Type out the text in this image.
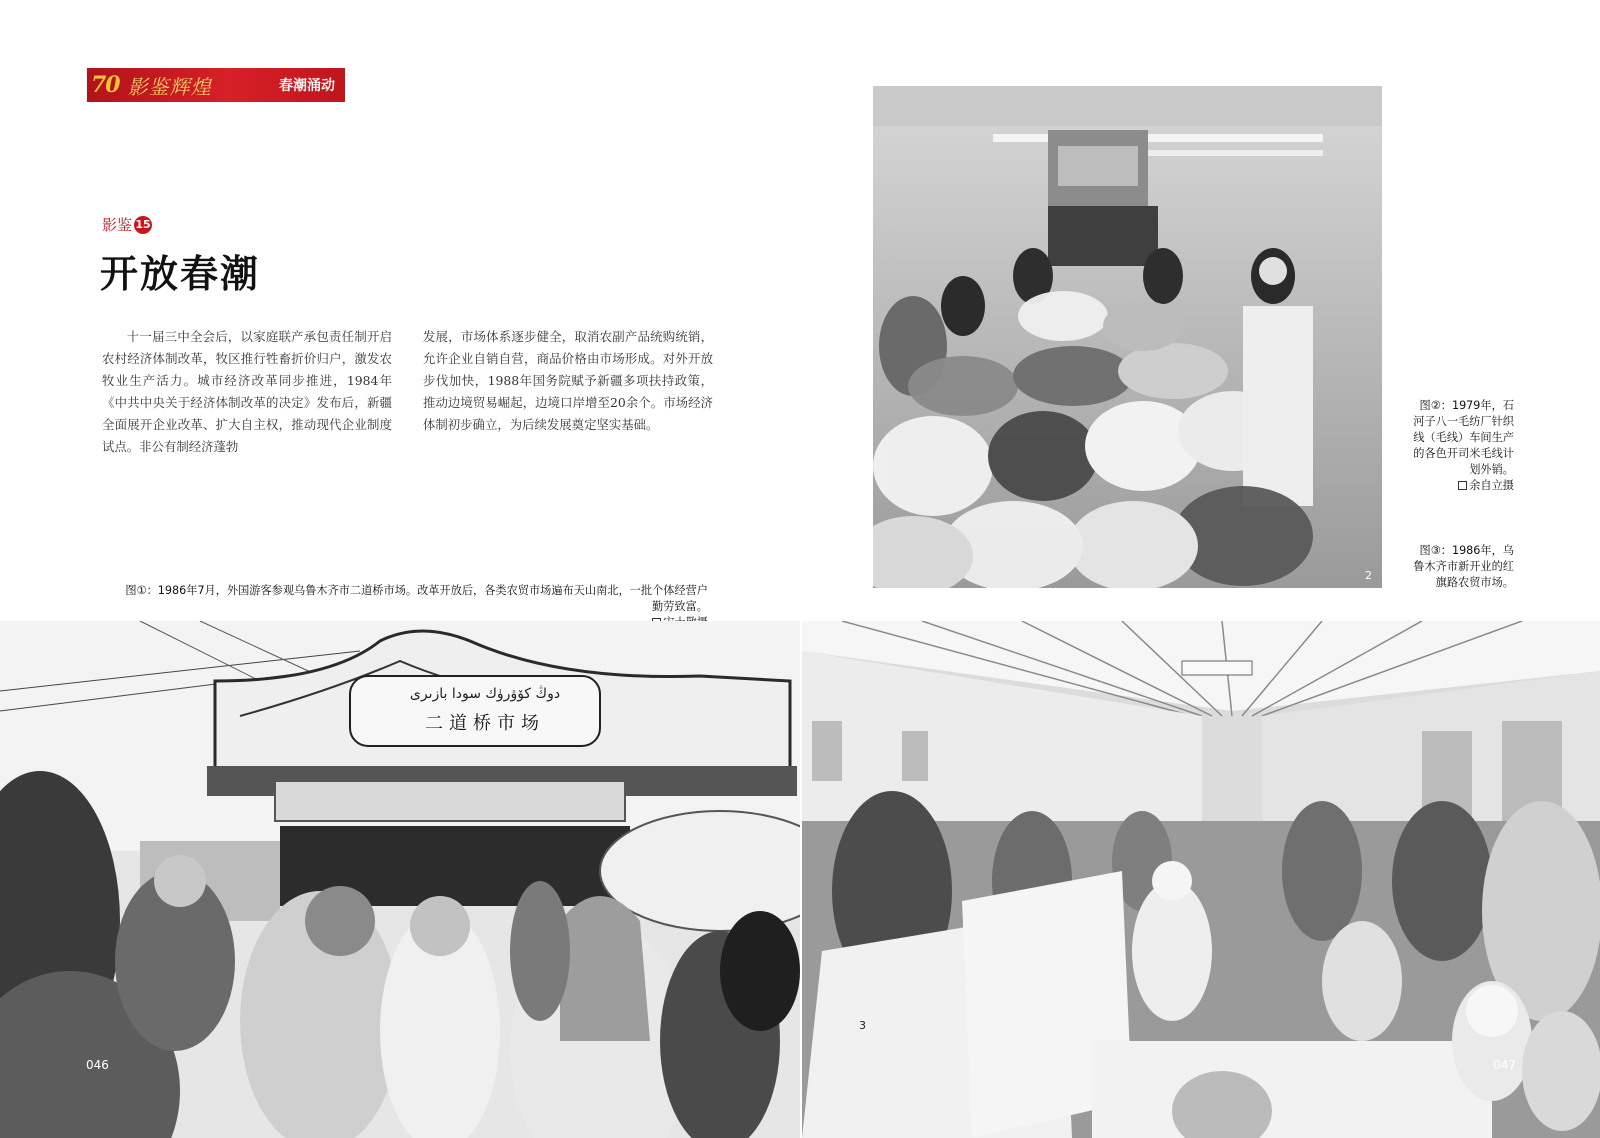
70 影鉴辉煌	春潮涌动
影鉴 15
开放春潮

十一届三中全会后，以家庭联产承包责任制开启农村经济体制改革，牧区推行牲畜折价归户，激发农牧业生产活力。城市经济改革同步推进，1984年《中共中央关于经济体制改革的决定》发布后，新疆全面展开企业改革、扩大自主权，推动现代企业制度试点。非公有制经济蓬勃

发展，市场体系逐步健全，取消农副产品统购统销，允许企业自销自营，商品价格由市场形成。对外开放步伐加快，1988年国务院赋予新疆多项扶持政策，推动边境贸易崛起，边境口岸增至20余个。市场经济体制初步确立，为后续发展奠定坚实基础。

2
图②：1979年，石河子八一毛纺厂针织线（毛线）车间生产的各色开司米毛线计划外销。
余自立摄
图③：1986年，乌鲁木齐市新开业的红旗路农贸市场。
图①：1986年7月，外国游客参观乌鲁木齐市二道桥市场。改革开放后，各类农贸市场遍布天山南北，一批个体经营户勤劳致富。

دوڭ كۆۋرۈك سودا بازىرى
二道桥市场
046
3
047
